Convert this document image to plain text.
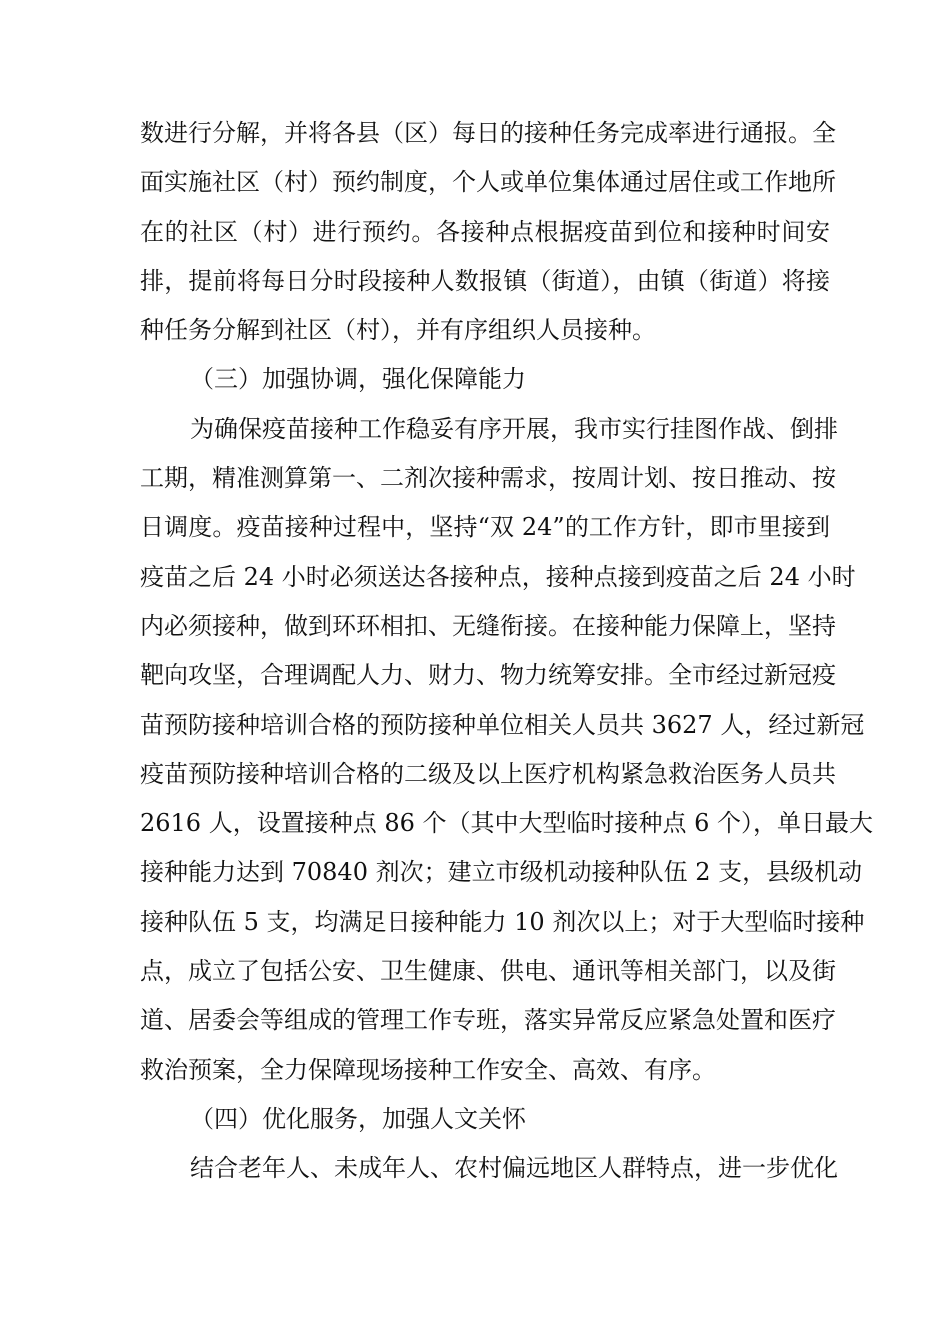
数进行分解，并将各县（区）每日的接种任务完成率进行通报。全
面实施社区（村）预约制度，个人或单位集体通过居住或工作地所
在的社区（村）进行预约。各接种点根据疫苗到位和接种时间安
排，提前将每日分时段接种人数报镇（街道），由镇（街道）将接
种任务分解到社区（村），并有序组织人员接种。
（三）加强协调，强化保障能力
为确保疫苗接种工作稳妥有序开展，我市实行挂图作战、倒排
工期，精准测算第一、二剂次接种需求，按周计划、按日推动、按
日调度。疫苗接种过程中，坚持“双 24”的工作方针，即市里接到
疫苗之后 24 小时必须送达各接种点，接种点接到疫苗之后 24 小时
内必须接种，做到环环相扣、无缝衔接。在接种能力保障上，坚持
靶向攻坚，合理调配人力、财力、物力统筹安排。全市经过新冠疫
苗预防接种培训合格的预防接种单位相关人员共 3627 人，经过新冠
疫苗预防接种培训合格的二级及以上医疗机构紧急救治医务人员共
2616 人，设置接种点 86 个（其中大型临时接种点 6 个），单日最大
接种能力达到 70840 剂次；建立市级机动接种队伍 2 支，县级机动
接种队伍 5 支，均满足日接种能力 10 剂次以上；对于大型临时接种
点，成立了包括公安、卫生健康、供电、通讯等相关部门，以及街
道、居委会等组成的管理工作专班，落实异常反应紧急处置和医疗
救治预案，全力保障现场接种工作安全、高效、有序。
（四）优化服务，加强人文关怀
结合老年人、未成年人、农村偏远地区人群特点，进一步优化
